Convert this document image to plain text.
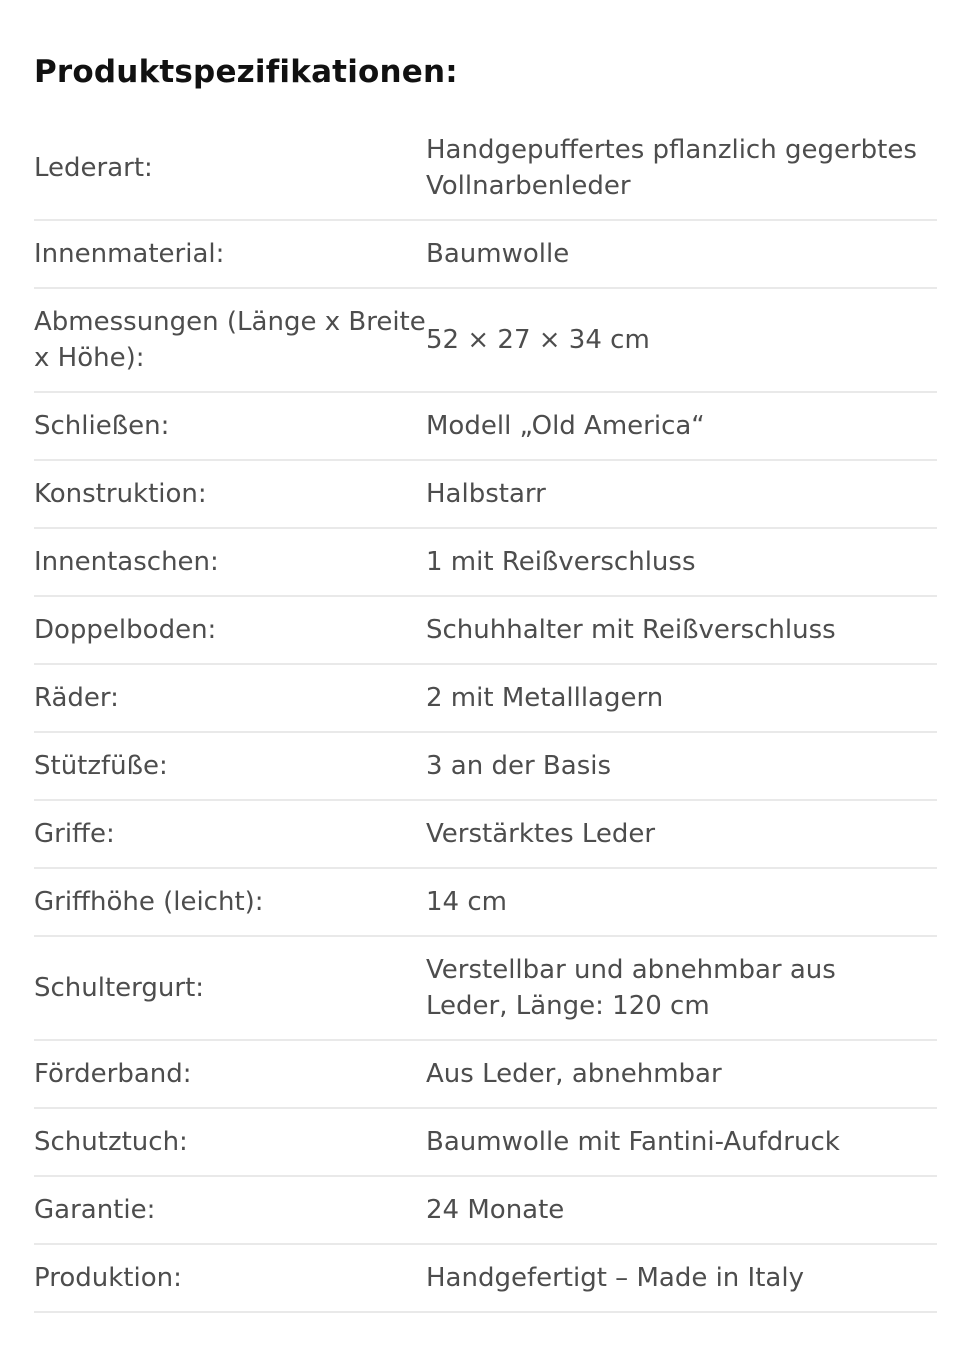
Produktspezifikationen:
Lederart:
Handgepuffertes pflanzlich gegerbtes Vollnarbenleder
Innenmaterial:	Baumwolle
Abmessungen (Länge x Breite x Höhe):
52 × 27 × 34 cm
Schließen:	Modell „Old America“
Konstruktion:	Halbstarr
Innentaschen:	1 mit Reißverschluss
Doppelboden:	Schuhhalter mit Reißverschluss
Räder:	2 mit Metalllagern
Stützfüße:	3 an der Basis
Griffe:	Verstärktes Leder
Griffhöhe (leicht):	14 cm
Schultergurt:
Verstellbar und abnehmbar aus Leder, Länge: 120 cm
Förderband:	Aus Leder, abnehmbar
Schutztuch:	Baumwolle mit Fantini-Aufdruck
Garantie:	24 Monate
Produktion:	Handgefertigt – Made in Italy
